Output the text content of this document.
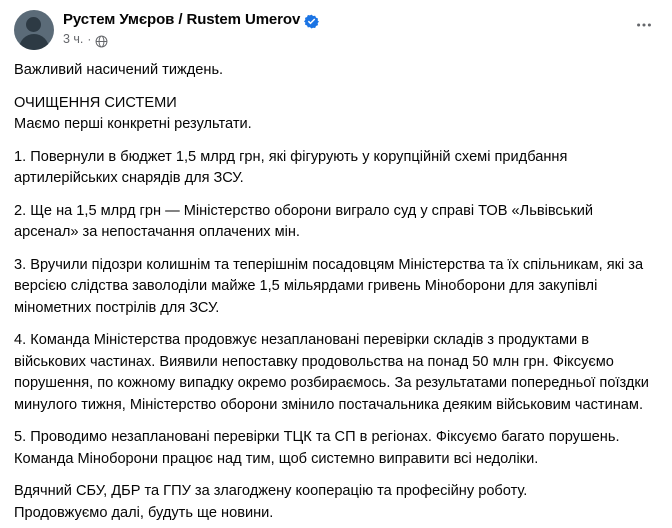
Рустем Умєров / Rustem Umerov
3 ч. ·

Важливий насичений тиждень.

ОЧИЩЕННЯ СИСТЕМИ

Маємо перші конкретні результати.

1. Повернули в бюджет 1,5 млрд грн, які фігурують у корупційній схемі придбання артилерійських снарядів для ЗСУ.

2. Ще на 1,5 млрд грн — Міністерство оборони виграло суд у справі ТОВ «Львівський арсенал» за непостачання оплачених мін.

3. Вручили підозри колишнім та теперішнім посадовцям Міністерства та їх спільникам, які за версією слідства заволоділи майже 1,5 мільярдами гривень Міноборони для закупівлі мінометних пострілів для ЗСУ.

4. Команда Міністерства продовжує незаплановані перевірки складів з продуктами в військових частинах. Виявили непоставку продовольства на понад 50 млн грн. Фіксуємо порушення, по кожному випадку окремо розбираємось. За результатами попередньої поїздки минулого тижня, Міністерство оборони змінило постачальника деяким військовим частинам.

5. Проводимо незаплановані перевірки ТЦК та СП в регіонах. Фіксуємо багато порушень. Команда Міноборони працює над тим, щоб системно виправити всі недоліки.

Вдячний СБУ, ДБР та ГПУ за злагоджену кооперацію та професійну роботу.

Продовжуємо далі, будуть ще новини.
